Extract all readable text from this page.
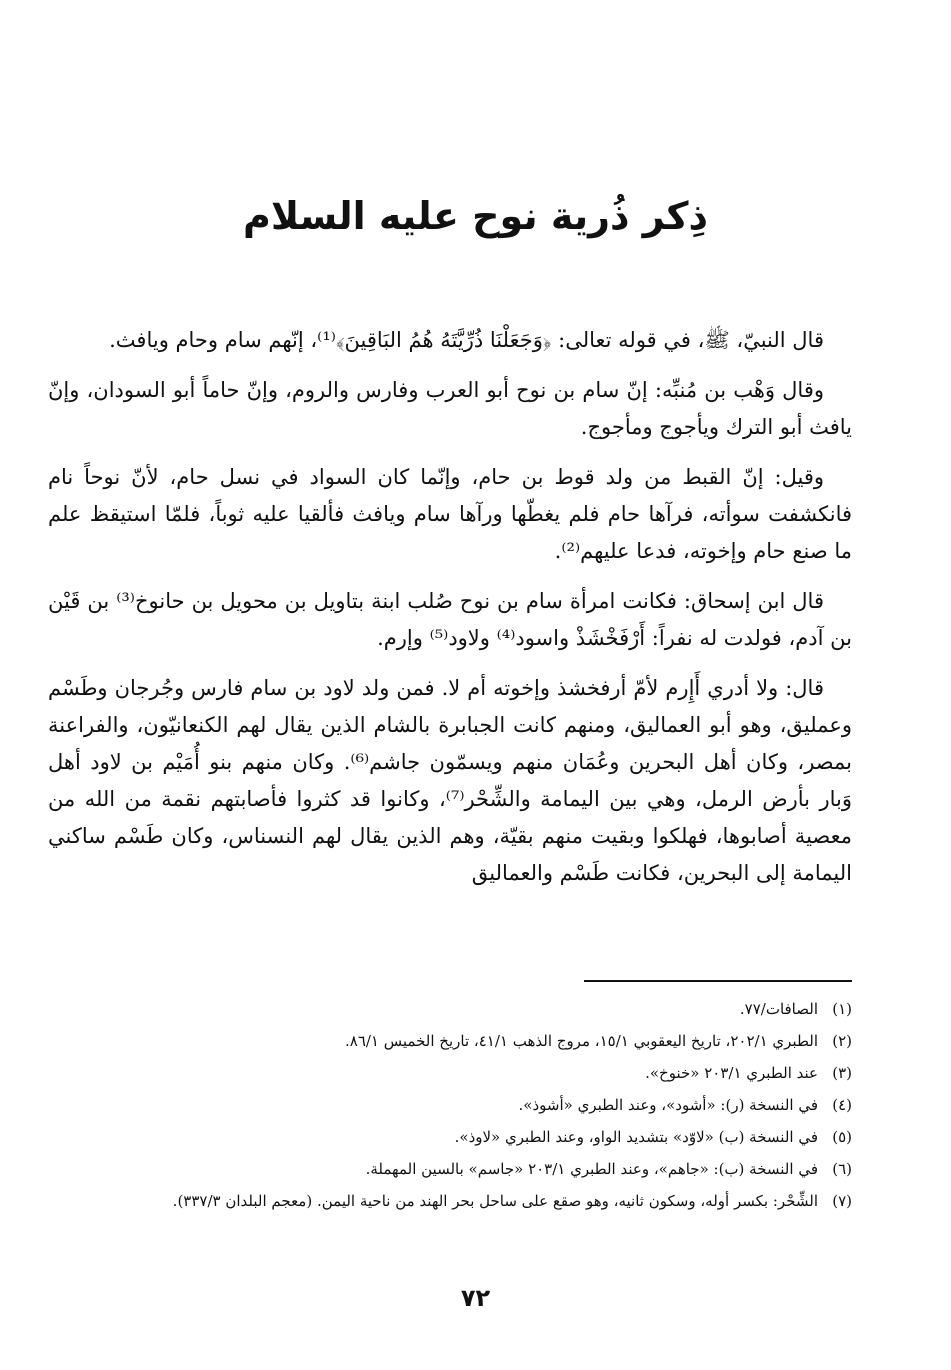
ذِكر ذُرية نوح عليه السلام

قال النبيّ، ﷺ، في قوله تعالى: ﴿وَجَعَلْنَا ذُرِّيَّتَهُ هُمُ البَاقِينَ﴾⁽¹⁾، إنّهم سام وحام ويافث.

وقال وَهْب بن مُنبِّه: إنّ سام بن نوح أبو العرب وفارس والروم، وإنّ حاماً أبو السودان، وإنّ يافث أبو الترك ويأجوج ومأجوج.

وقيل: إنّ القبط من ولد قوط بن حام، وإنّما كان السواد في نسل حام، لأنّ نوحاً نام فانكشفت سوأته، فرآها حام فلم يغطّها ورآها سام ويافث فألقيا عليه ثوباً، فلمّا استيقظ علم ما صنع حام وإخوته، فدعا عليهم⁽²⁾.

قال ابن إسحاق: فكانت امرأة سام بن نوح صُلب ابنة بتاويل بن محويل بن حانوخ⁽³⁾ بن قَيْن بن آدم، فولدت له نفراً: أَرْفَخْشَذْ واسود⁽⁴⁾ ولاود⁽⁵⁾ وإرم.

قال: ولا أدري أَإِرم لأمّ أرفخشذ وإخوته أم لا. فمن ولد لاود بن سام فارس وجُرجان وطَسْم وعمليق، وهو أبو العماليق، ومنهم كانت الجبابرة بالشام الذين يقال لهم الكنعانيّون، والفراعنة بمصر، وكان أهل البحرين وعُمَان منهم ويسمّون جاشم⁽⁶⁾. وكان منهم بنو أُمَيْم بن لاود أهل وَبار بأرض الرمل، وهي بين اليمامة والشِّحْر⁽⁷⁾، وكانوا قد كثروا فأصابتهم نقمة من الله من معصية أصابوها، فهلكوا وبقيت منهم بقيّة، وهم الذين يقال لهم النسناس، وكان طَسْم ساكني اليمامة إلى البحرين، فكانت طَسْم والعماليق

(١)
الصافات/٧٧.
(٢)
الطبري ٢٠٢/١، تاريخ اليعقوبي ١٥/١، مروج الذهب ٤١/١، تاريخ الخميس ٨٦/١.
(٣)
عند الطبري ٢٠٣/١ «خنوخ».
(٤)
في النسخة (ر): «أشود»، وعند الطبري «أشوذ».
(٥)
في النسخة (ب) «لاوّد» بتشديد الواو، وعند الطبري «لاوذ».
(٦)
في النسخة (ب): «جاهم»، وعند الطبري ٢٠٣/١ «جاسم» بالسين المهملة.
(٧)
الشِّحْر: بكسر أوله، وسكون ثانيه، وهو صقع على ساحل بحر الهند من ناحية اليمن. (معجم البلدان ٣٣٧/٣).
٧٢
